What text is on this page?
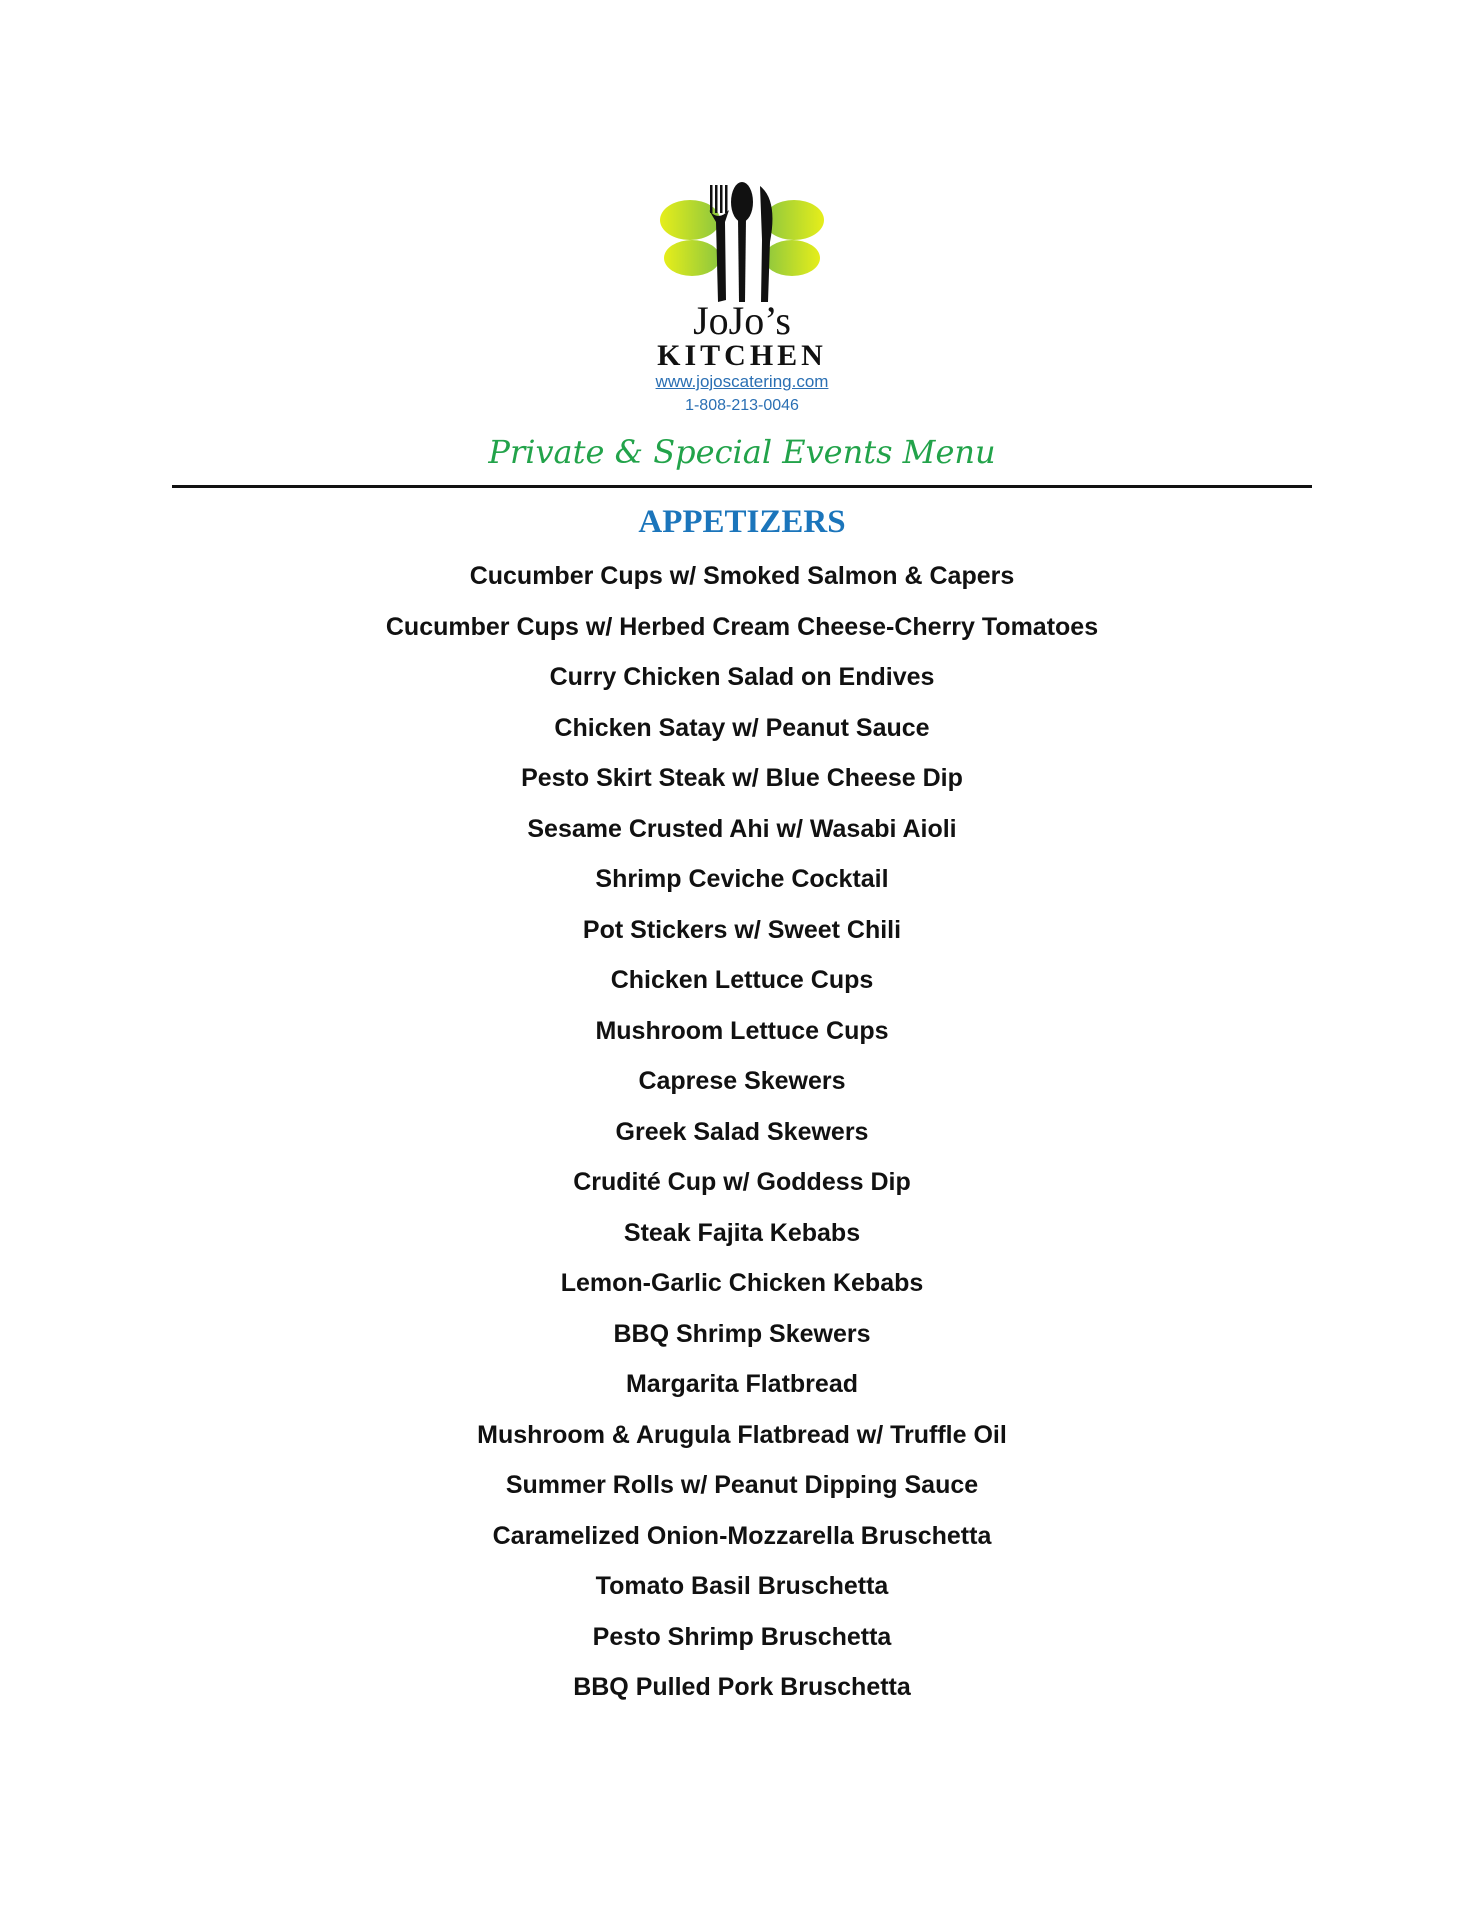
JoJo’s
KITCHEN
www.jojoscatering.com
1-808-213-0046
Private & Special Events Menu
APPETIZERS
Cucumber Cups w/ Smoked Salmon & Capers
Cucumber Cups w/ Herbed Cream Cheese-Cherry Tomatoes
Curry Chicken Salad on Endives
Chicken Satay w/ Peanut Sauce
Pesto Skirt Steak w/ Blue Cheese Dip
Sesame Crusted Ahi w/ Wasabi Aioli
Shrimp Ceviche Cocktail
Pot Stickers w/ Sweet Chili
Chicken Lettuce Cups
Mushroom Lettuce Cups
Caprese Skewers
Greek Salad Skewers
Crudité Cup w/ Goddess Dip
Steak Fajita Kebabs
Lemon-Garlic Chicken Kebabs
BBQ Shrimp Skewers
Margarita Flatbread
Mushroom & Arugula Flatbread w/ Truffle Oil
Summer Rolls w/ Peanut Dipping Sauce
Caramelized Onion-Mozzarella Bruschetta
Tomato Basil Bruschetta
Pesto Shrimp Bruschetta
BBQ Pulled Pork Bruschetta
